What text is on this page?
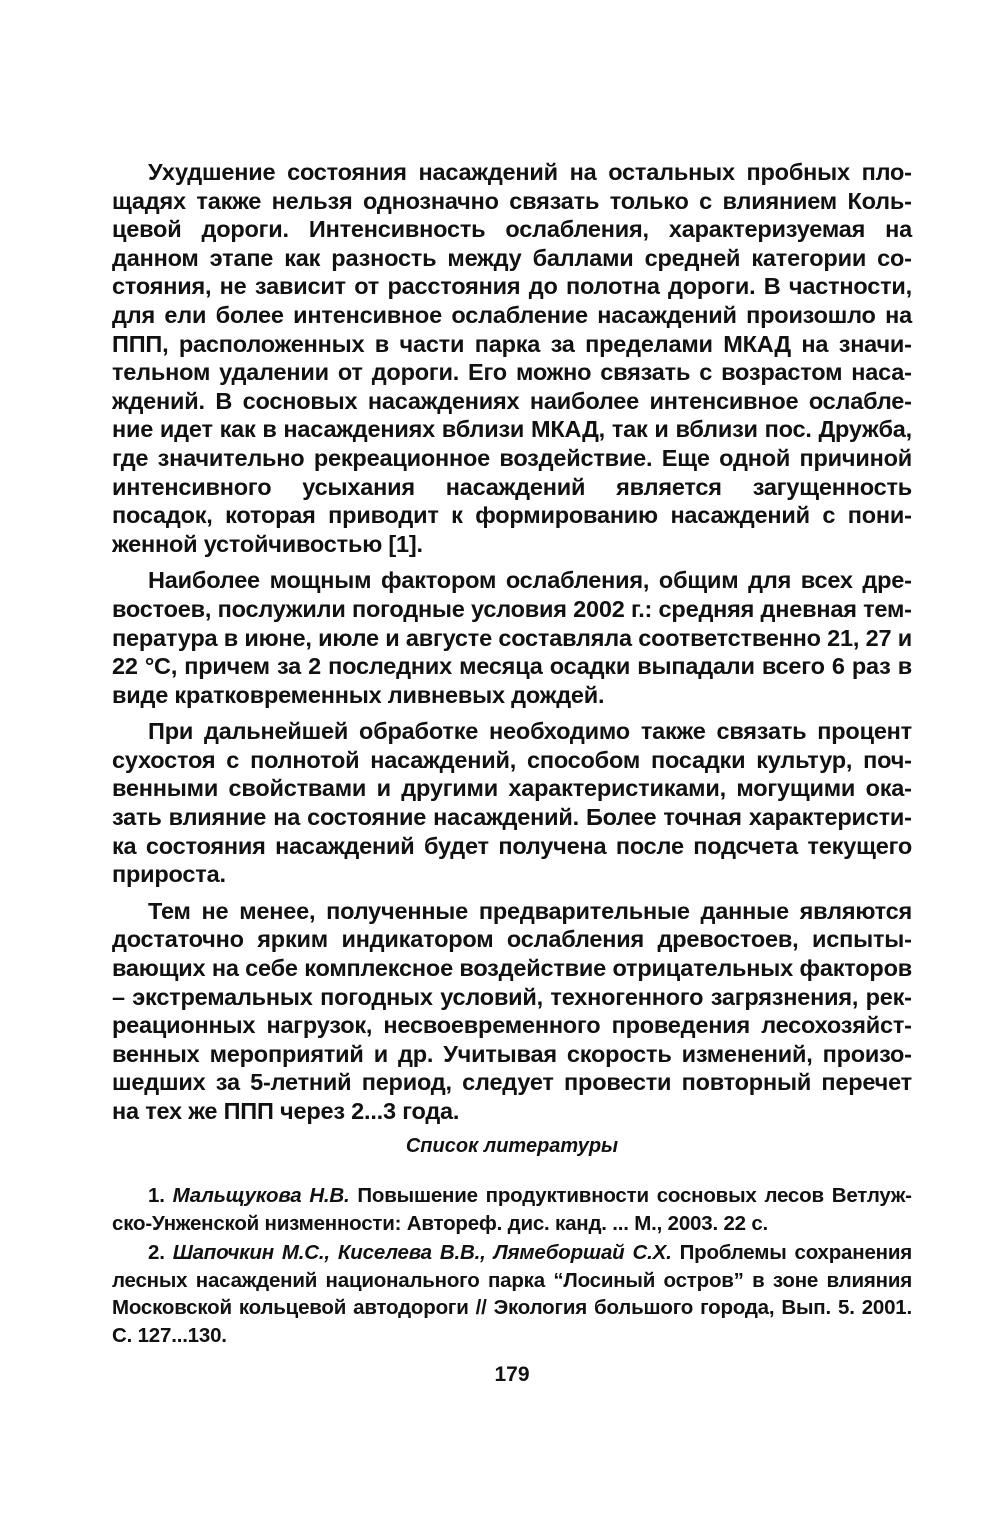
Ухудшение состояния насаждений на остальных пробных площадях также нельзя однозначно связать только с влиянием Кольцевой дороги. Интенсивность ослабления, характеризуемая на данном этапе как разность между баллами средней категории состояния, не зависит от расстояния до полотна дороги. В частности, для ели более интенсивное ослабление насаждений произошло на ППП, расположенных в части парка за пределами МКАД на значительном удалении от дороги. Его можно связать с возрастом насаждений. В сосновых насаждениях наиболее интенсивное ослабление идет как в насаждениях вблизи МКАД, так и вблизи пос. Дружба, где значительно рекреационное воздействие. Еще одной причиной интенсивного усыхания насаждений является загущенность посадок, которая приводит к формированию насаждений с пониженной устойчивостью [1].

Наиболее мощным фактором ослабления, общим для всех древостоев, послужили погодные условия 2002 г.: средняя дневная температура в июне, июле и августе составляла соответственно 21, 27 и 22 °С, причем за 2 последних месяца осадки выпадали всего 6 раз в виде кратковременных ливневых дождей.

При дальнейшей обработке необходимо также связать процент сухостоя с полнотой насаждений, способом посадки культур, почвенными свойствами и другими характеристиками, могущими оказать влияние на состояние насаждений. Более точная характеристика состояния насаждений будет получена после подсчета текущего прироста.

Тем не менее, полученные предварительные данные являются достаточно ярким индикатором ослабления древостоев, испытывающих на себе комплексное воздействие отрицательных факторов – экстремальных погодных условий, техногенного загрязнения, рекреационных нагрузок, несвоевременного проведения лесохозяйственных мероприятий и др. Учитывая скорость изменений, произошедших за 5-летний период, следует провести повторный перечет на тех же ППП через 2...3 года.

Список литературы

1. Мальщукова Н.В. Повышение продуктивности сосновых лесов Ветлужско-Унженской низменности: Автореф. дис. канд. ... М., 2003. 22 с.

2. Шапочкин М.С., Киселева В.В., Лямеборшай С.Х. Проблемы сохранения лесных насаждений национального парка “Лосиный остров” в зоне влияния Московской кольцевой автодороги // Экология большого города, Вып. 5. 2001. С. 127...130.

179
